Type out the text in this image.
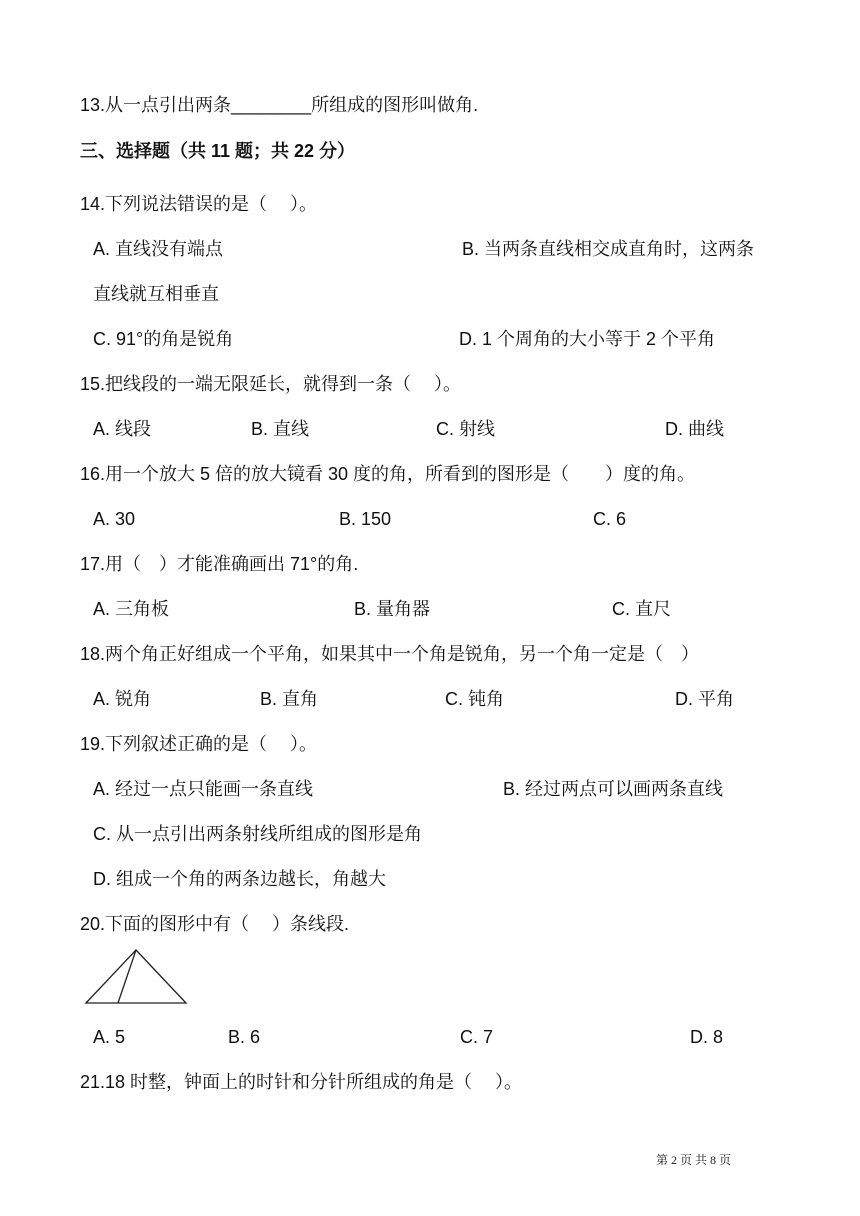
13.从一点引出两条________所组成的图形叫做角.
三、选择题（共 11 题；共 22 分）
14.下列说法错误的是（　 ）。
A. 直线没有端点	B. 当两条直线相交成直角时，这两条
直线就互相垂直
C. 91°的角是锐角	D. 1 个周角的大小等于 2 个平角
15.把线段的一端无限延长，就得到一条（　 ）。
A. 线段	B. 直线	C. 射线	D. 曲线
16.用一个放大 5 倍的放大镜看 30 度的角，所看到的图形是（　　）度的角。
A. 30	B. 150	C. 6
17.用（　）才能准确画出 71°的角.
A. 三角板	B. 量角器	C. 直尺
18.两个角正好组成一个平角，如果其中一个角是锐角，另一个角一定是（　）
A. 锐角	B. 直角	C. 钝角	D. 平角
19.下列叙述正确的是（　 ）。
A. 经过一点只能画一条直线	B. 经过两点可以画两条直线
C. 从一点引出两条射线所组成的图形是角
D. 组成一个角的两条边越长，角越大
20.下面的图形中有（　 ）条线段.
A. 5	B. 6	C. 7	D. 8
21.18 时整，钟面上的时针和分针所组成的角是（　 ）。
第 2 页 共 8 页
